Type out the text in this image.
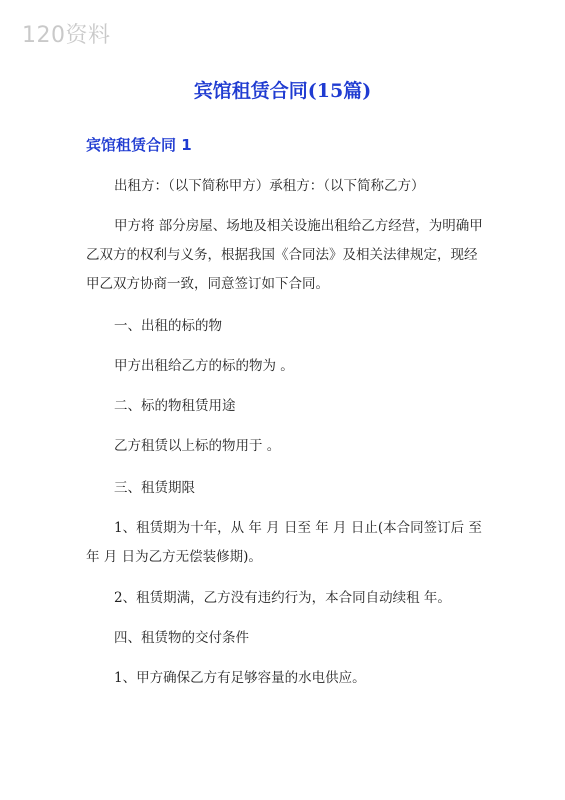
120资料
宾馆租赁合同(15篇)
宾馆租赁合同 1

出租方：（以下简称甲方）承租方：（以下简称乙方）

甲方将 部分房屋、场地及相关设施出租给乙方经营，为明确甲乙双方的权利与义务，根据我国《合同法》及相关法律规定，现经甲乙双方协商一致，同意签订如下合同。

一、出租的标的物

甲方出租给乙方的标的物为 。

二、标的物租赁用途

乙方租赁以上标的物用于 。

三、租赁期限

1、租赁期为十年，从 年 月 日至 年 月 日止(本合同签订后 至 年 月 日为乙方无偿装修期)。

2、租赁期满，乙方没有违约行为，本合同自动续租 年。

四、租赁物的交付条件

1、甲方确保乙方有足够容量的水电供应。
